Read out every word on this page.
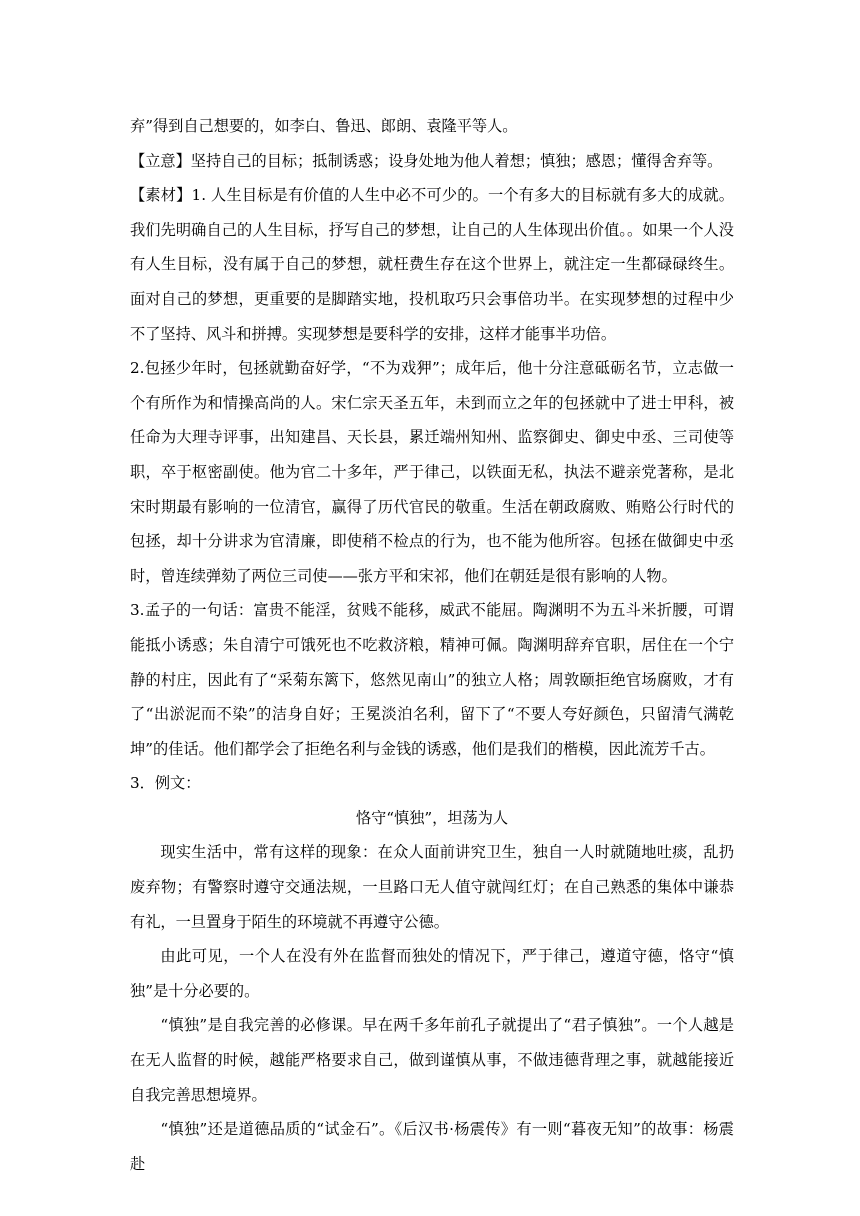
弃”得到自己想要的，如李白、鲁迅、郎朗、袁隆平等人。

【立意】坚持自己的目标；抵制诱惑；设身处地为他人着想；慎独；感恩；懂得舍弃等。

【素材】1. 人生目标是有价值的人生中必不可少的。一个有多大的目标就有多大的成就。我们先明确自己的人生目标，抒写自己的梦想，让自己的人生体现出价值。。如果一个人没有人生目标，没有属于自己的梦想，就枉费生存在这个世界上，就注定一生都碌碌终生。面对自己的梦想，更重要的是脚踏实地，投机取巧只会事倍功半。在实现梦想的过程中少不了坚持、风斗和拼搏。实现梦想是要科学的安排，这样才能事半功倍。

2.包拯少年时，包拯就勤奋好学，“不为戏狎”；成年后，他十分注意砥砺名节，立志做一个有所作为和情操高尚的人。宋仁宗天圣五年，未到而立之年的包拯就中了进士甲科，被任命为大理寺评事，出知建昌、天长县，累迁端州知州、监察御史、御史中丞、三司使等职，卒于枢密副使。他为官二十多年，严于律己，以铁面无私，执法不避亲党著称，是北宋时期最有影响的一位清官，赢得了历代官民的敬重。生活在朝政腐败、贿赂公行时代的包拯，却十分讲求为官清廉，即使稍不检点的行为，也不能为他所容。包拯在做御史中丞时，曾连续弹劾了两位三司使——张方平和宋祁，他们在朝廷是很有影响的人物。

3.孟子的一句话：富贵不能淫，贫贱不能移，威武不能屈。陶渊明不为五斗米折腰，可谓能抵小诱惑；朱自清宁可饿死也不吃救济粮，精神可佩。陶渊明辞弃官职，居住在一个宁静的村庄，因此有了“采菊东篱下，悠然见南山”的独立人格；周敦颐拒绝官场腐败，才有了“出淤泥而不染”的洁身自好；王冕淡泊名利，留下了“不要人夸好颜色，只留清气满乾坤”的佳话。他们都学会了拒绝名利与金钱的诱惑，他们是我们的楷模，因此流芳千古。

3．例文：

恪守“慎独”，坦荡为人

现实生活中，常有这样的现象：在众人面前讲究卫生，独自一人时就随地吐痰，乱扔废弃物；有警察时遵守交通法规，一旦路口无人值守就闯红灯；在自己熟悉的集体中谦恭有礼，一旦置身于陌生的环境就不再遵守公德。

由此可见，一个人在没有外在监督而独处的情况下，严于律己，遵道守德，恪守“慎独”是十分必要的。

“慎独”是自我完善的必修课。早在两千多年前孔子就提出了“君子慎独”。一个人越是在无人监督的时候，越能严格要求自己，做到谨慎从事，不做违德背理之事，就越能接近自我完善思想境界。

“慎独”还是道德品质的“试金石”。《后汉书·杨震传》有一则“暮夜无知”的故事：杨震赴
